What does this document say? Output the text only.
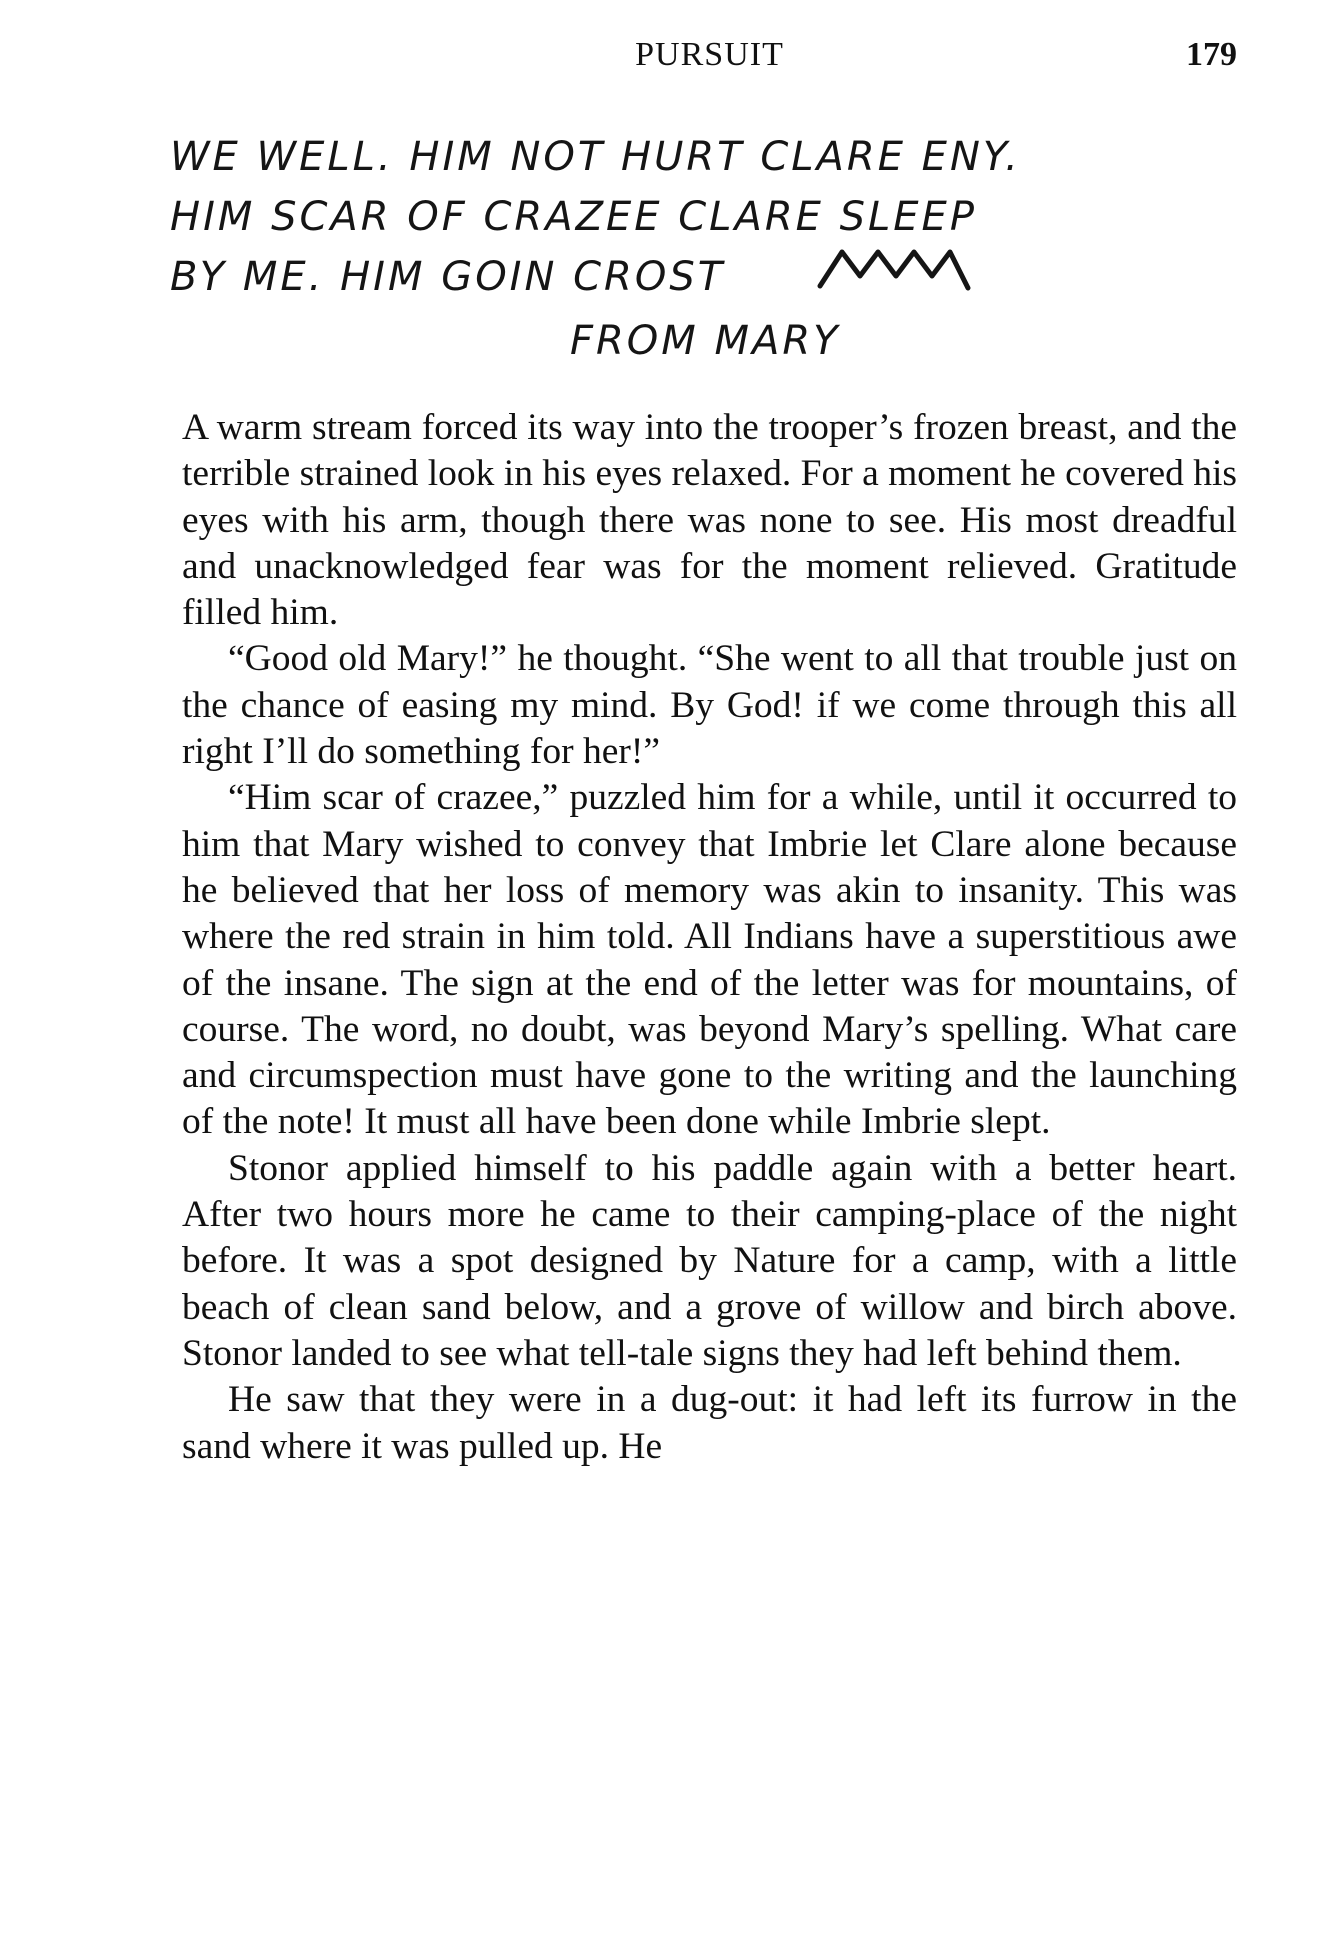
PURSUIT	179
WE WELL. HIM NOT HURT CLARE ENY.
HIM SCAR OF CRAZEE CLARE SLEEP
BY ME. HIM GOIN CROST
FROM MARY

A warm stream forced its way into the trooper’s frozen breast, and the terrible strained look in his eyes relaxed. For a moment he covered his eyes with his arm, though there was none to see. His most dreadful and unacknowledged fear was for the moment relieved. Gratitude filled him.

“Good old Mary!” he thought. “She went to all that trouble just on the chance of easing my mind. By God! if we come through this all right I’ll do something for her!”

“Him scar of crazee,” puzzled him for a while, until it occurred to him that Mary wished to convey that Imbrie let Clare alone because he believed that her loss of memory was akin to insanity. This was where the red strain in him told. All Indians have a superstitious awe of the insane. The sign at the end of the letter was for mountains, of course. The word, no doubt, was beyond Mary’s spelling. What care and circumspection must have gone to the writing and the launching of the note! It must all have been done while Imbrie slept.

Stonor applied himself to his paddle again with a better heart. After two hours more he came to their camping-place of the night before. It was a spot designed by Nature for a camp, with a little beach of clean sand below, and a grove of willow and birch above. Stonor landed to see what tell-tale signs they had left behind them.

He saw that they were in a dug-out: it had left its furrow in the sand where it was pulled up. He
